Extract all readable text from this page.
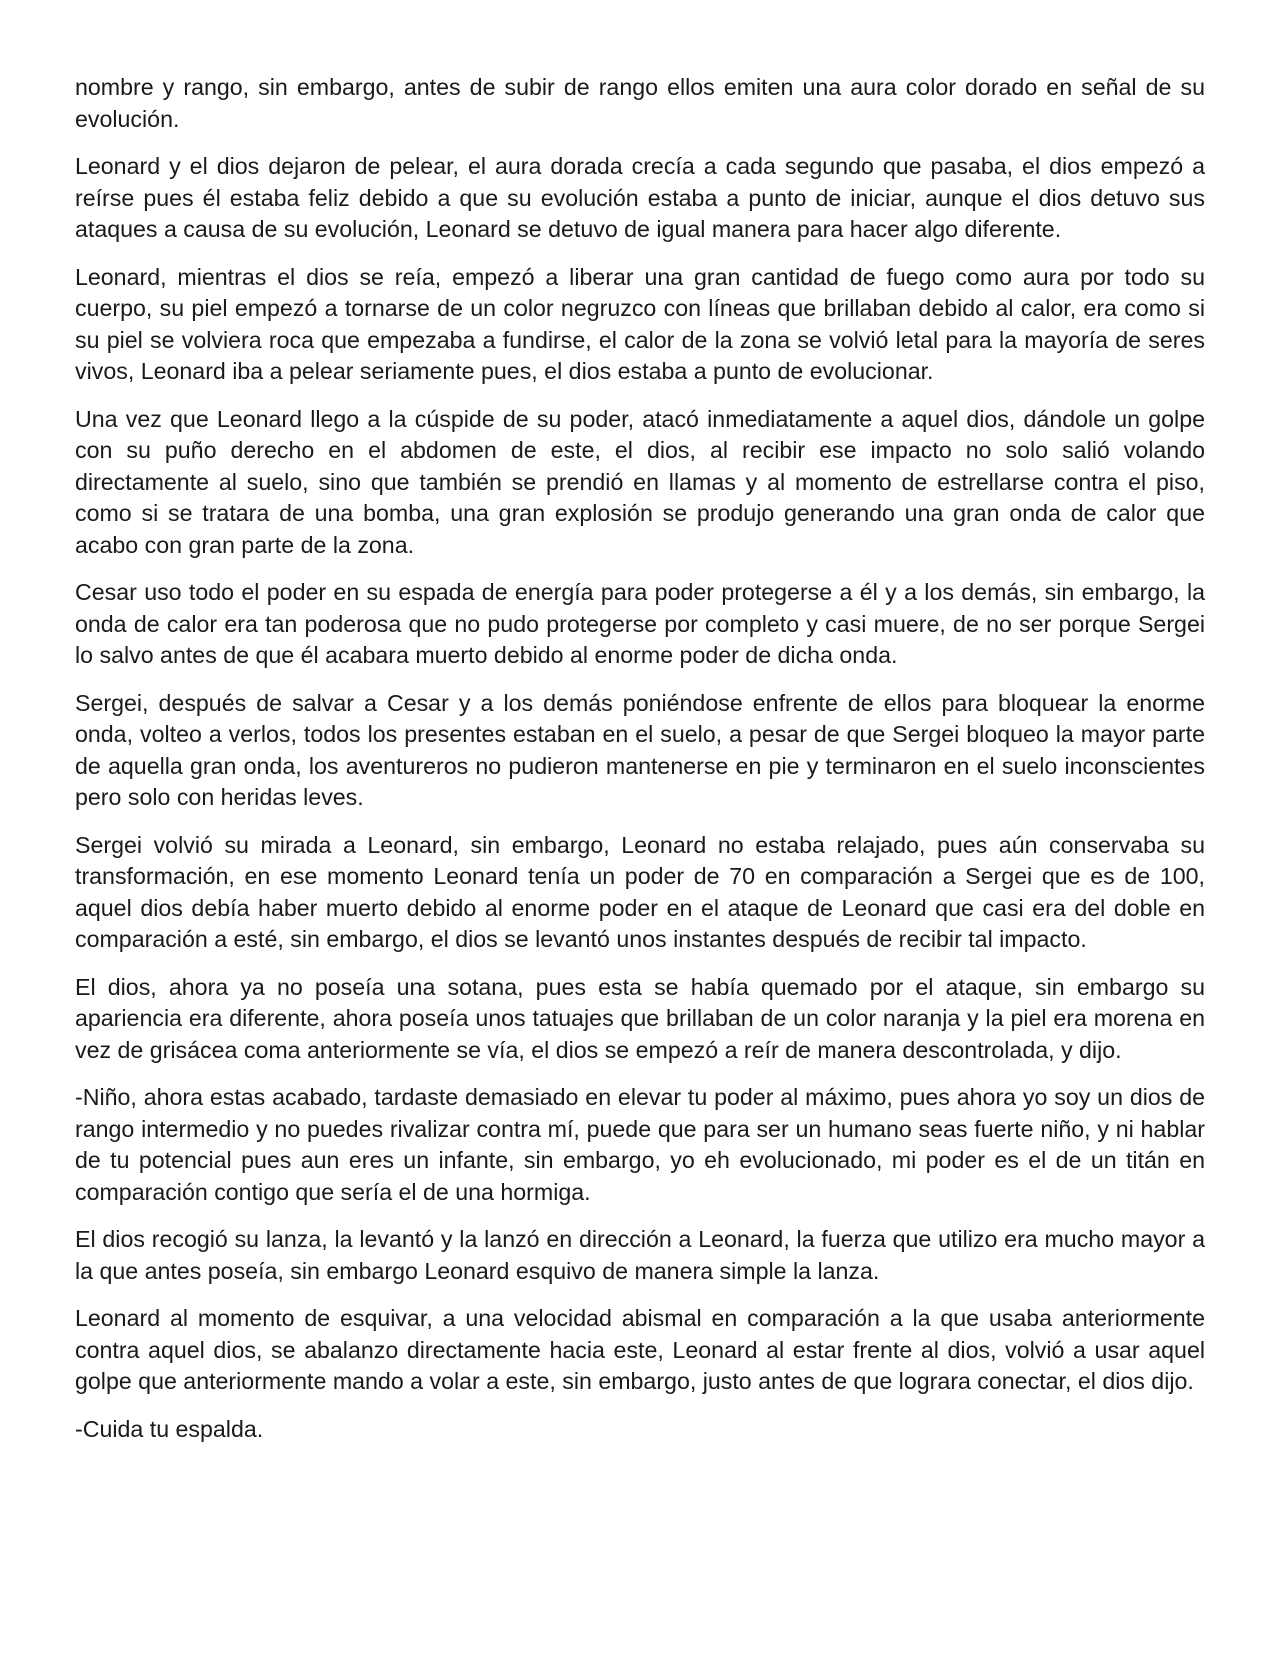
nombre y rango, sin embargo, antes de subir de rango ellos emiten una aura color dorado en señal de su evolución.

Leonard y el dios dejaron de pelear, el aura dorada crecía a cada segundo que pasaba, el dios empezó a reírse pues él estaba feliz debido a que su evolución estaba a punto de iniciar, aunque el dios detuvo sus ataques a causa de su evolución, Leonard se detuvo de igual manera para hacer algo diferente.

Leonard, mientras el dios se reía, empezó a liberar una gran cantidad de fuego como aura por todo su cuerpo, su piel empezó a tornarse de un color negruzco con líneas que brillaban debido al calor, era como si su piel se volviera roca que empezaba a fundirse, el calor de la zona se volvió letal para la mayoría de seres vivos, Leonard iba a pelear seriamente pues, el dios estaba a punto de evolucionar.

Una vez que Leonard llego a la cúspide de su poder, atacó inmediatamente a aquel dios, dándole un golpe con su puño derecho en el abdomen de este, el dios, al recibir ese impacto no solo salió volando directamente al suelo, sino que también se prendió en llamas y al momento de estrellarse contra el piso, como si se tratara de una bomba, una gran explosión se produjo generando una gran onda de calor que acabo con gran parte de la zona.

Cesar uso todo el poder en su espada de energía para poder protegerse a él y a los demás, sin embargo, la onda de calor era tan poderosa que no pudo protegerse por completo y casi muere, de no ser porque Sergei lo salvo antes de que él acabara muerto debido al enorme poder de dicha onda.

Sergei, después de salvar a Cesar y a los demás poniéndose enfrente de ellos para bloquear la enorme onda, volteo a verlos, todos los presentes estaban en el suelo, a pesar de que Sergei bloqueo la mayor parte de aquella gran onda, los aventureros no pudieron mantenerse en pie y terminaron en el suelo inconscientes pero solo con heridas leves.

Sergei volvió su mirada a Leonard, sin embargo, Leonard no estaba relajado, pues aún conservaba su transformación, en ese momento Leonard tenía un poder de 70 en comparación a Sergei que es de 100, aquel dios debía haber muerto debido al enorme poder en el ataque de Leonard que casi era del doble en comparación a esté, sin embargo, el dios se levantó unos instantes después de recibir tal impacto.

El dios, ahora ya no poseía una sotana, pues esta se había quemado por el ataque, sin embargo su apariencia era diferente, ahora poseía unos tatuajes que brillaban de un color naranja y la piel era morena en vez de grisácea coma anteriormente se vía, el dios se empezó a reír de manera descontrolada, y dijo.

-Niño, ahora estas acabado, tardaste demasiado en elevar tu poder al máximo, pues ahora yo soy un dios de rango intermedio y no puedes rivalizar contra mí, puede que para ser un humano seas fuerte niño, y ni hablar de tu potencial pues aun eres un infante, sin embargo, yo eh evolucionado, mi poder es el de un titán en comparación contigo que sería el de una hormiga.

El dios recogió su lanza, la levantó y la lanzó en dirección a Leonard, la fuerza que utilizo era mucho mayor a la que antes poseía, sin embargo Leonard esquivo de manera simple la lanza.

Leonard al momento de esquivar, a una velocidad abismal en comparación a la que usaba anteriormente contra aquel dios, se abalanzo directamente hacia este, Leonard al estar frente al dios, volvió a usar aquel golpe que anteriormente mando a volar a este, sin embargo, justo antes de que lograra conectar, el dios dijo.

-Cuida tu espalda.
